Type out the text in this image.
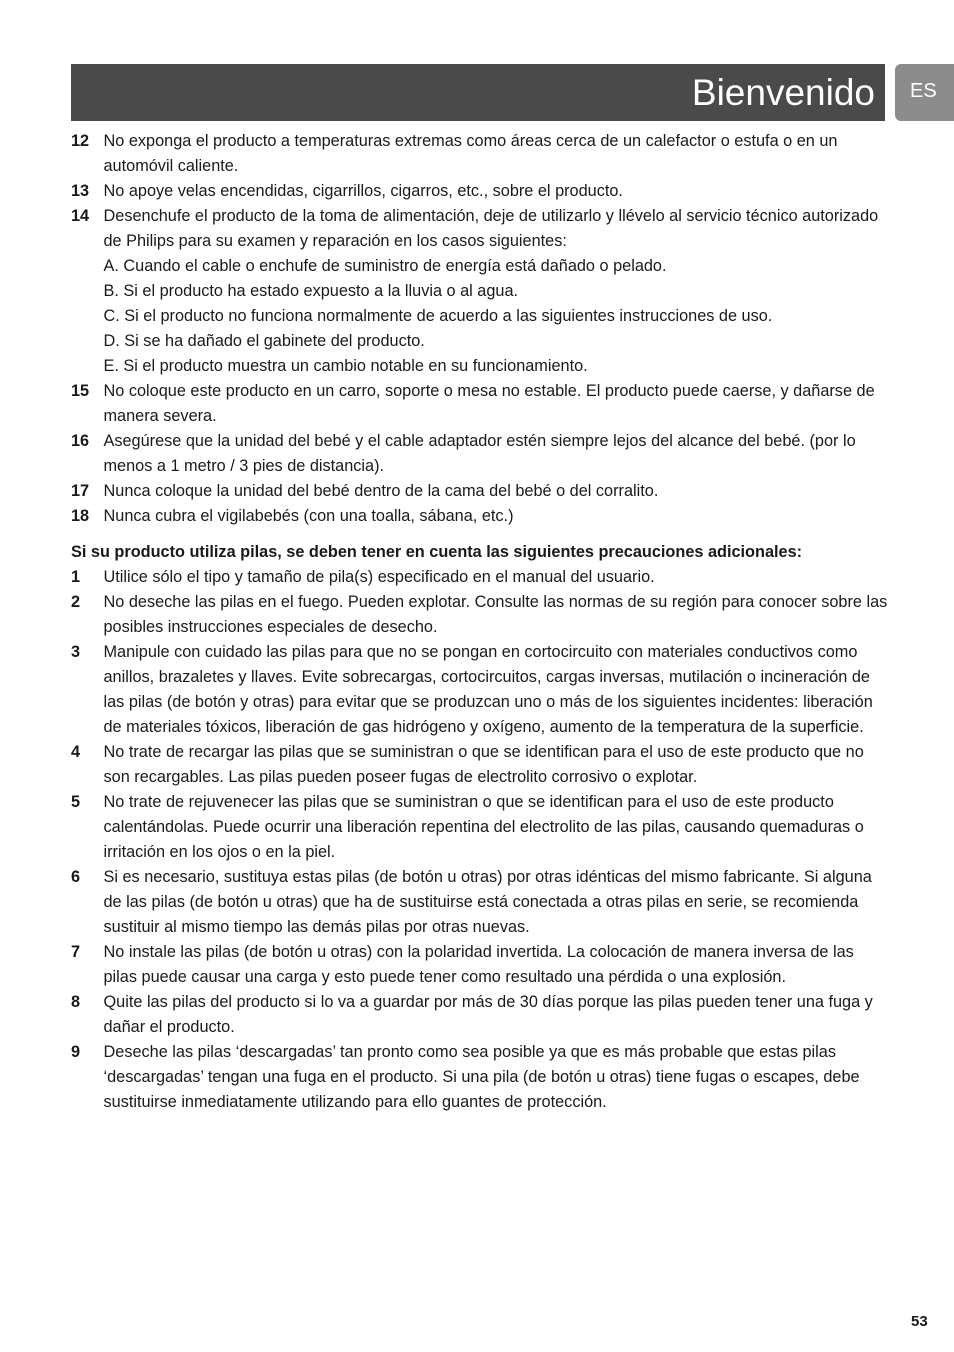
Bienvenido ES
12 No exponga el producto a temperaturas extremas como áreas cerca de un calefactor o estufa o en un automóvil caliente.
13 No apoye velas encendidas, cigarrillos, cigarros, etc., sobre el producto.
14 Desenchufe el producto de la toma de alimentación, deje de utilizarlo y llévelo al servicio técnico autorizado de Philips para su examen y reparación en los casos siguientes:
A. Cuando el cable o enchufe de suministro de energía está dañado o pelado.
B. Si el producto ha estado expuesto a la lluvia o al agua.
C. Si el producto no funciona normalmente de acuerdo a las siguientes instrucciones de uso.
D. Si se ha dañado el gabinete del producto.
E. Si el producto muestra un cambio notable en su funcionamiento.
15 No coloque este producto en un carro, soporte o mesa no estable. El producto puede caerse, y dañarse de manera severa.
16 Asegúrese que la unidad del bebé y el cable adaptador estén siempre lejos del alcance del bebé. (por lo menos a 1 metro / 3 pies de distancia).
17 Nunca coloque la unidad del bebé dentro de la cama del bebé o del corralito.
18 Nunca cubra el vigilabebés (con una toalla, sábana, etc.)
Si su producto utiliza pilas, se deben tener en cuenta las siguientes precauciones adicionales:
1 Utilice sólo el tipo y tamaño de pila(s) especificado en el manual del usuario.
2 No deseche las pilas en el fuego. Pueden explotar. Consulte las normas de su región para conocer sobre las posibles instrucciones especiales de desecho.
3 Manipule con cuidado las pilas para que no se pongan en cortocircuito con materiales conductivos como anillos, brazaletes y llaves. Evite sobrecargas, cortocircuitos, cargas inversas, mutilación o incineración de las pilas (de botón y otras) para evitar que se produzcan uno o más de los siguientes incidentes: liberación de materiales tóxicos, liberación de gas hidrógeno y oxígeno, aumento de la temperatura de la superficie.
4 No trate de recargar las pilas que se suministran o que se identifican para el uso de este producto que no son recargables. Las pilas pueden poseer fugas de electrolito corrosivo o explotar.
5 No trate de rejuvenecer las pilas que se suministran o que se identifican para el uso de este producto calentándolas. Puede ocurrir una liberación repentina del electrolito de las pilas, causando quemaduras o irritación en los ojos o en la piel.
6 Si es necesario, sustituya estas pilas (de botón u otras) por otras idénticas del mismo fabricante. Si alguna de las pilas (de botón u otras) que ha de sustituirse está conectada a otras pilas en serie, se recomienda sustituir al mismo tiempo las demás pilas por otras nuevas.
7 No instale las pilas (de botón u otras) con la polaridad invertida. La colocación de manera inversa de las pilas puede causar una carga y esto puede tener como resultado una pérdida o una explosión.
8 Quite las pilas del producto si lo va a guardar por más de 30 días porque las pilas pueden tener una fuga y dañar el producto.
9 Deseche las pilas ‘descargadas’ tan pronto como sea posible ya que es más probable que estas pilas ‘descargadas’ tengan una fuga en el producto. Si una pila (de botón u otras) tiene fugas o escapes, debe sustituirse inmediatamente utilizando para ello guantes de protección.
53
